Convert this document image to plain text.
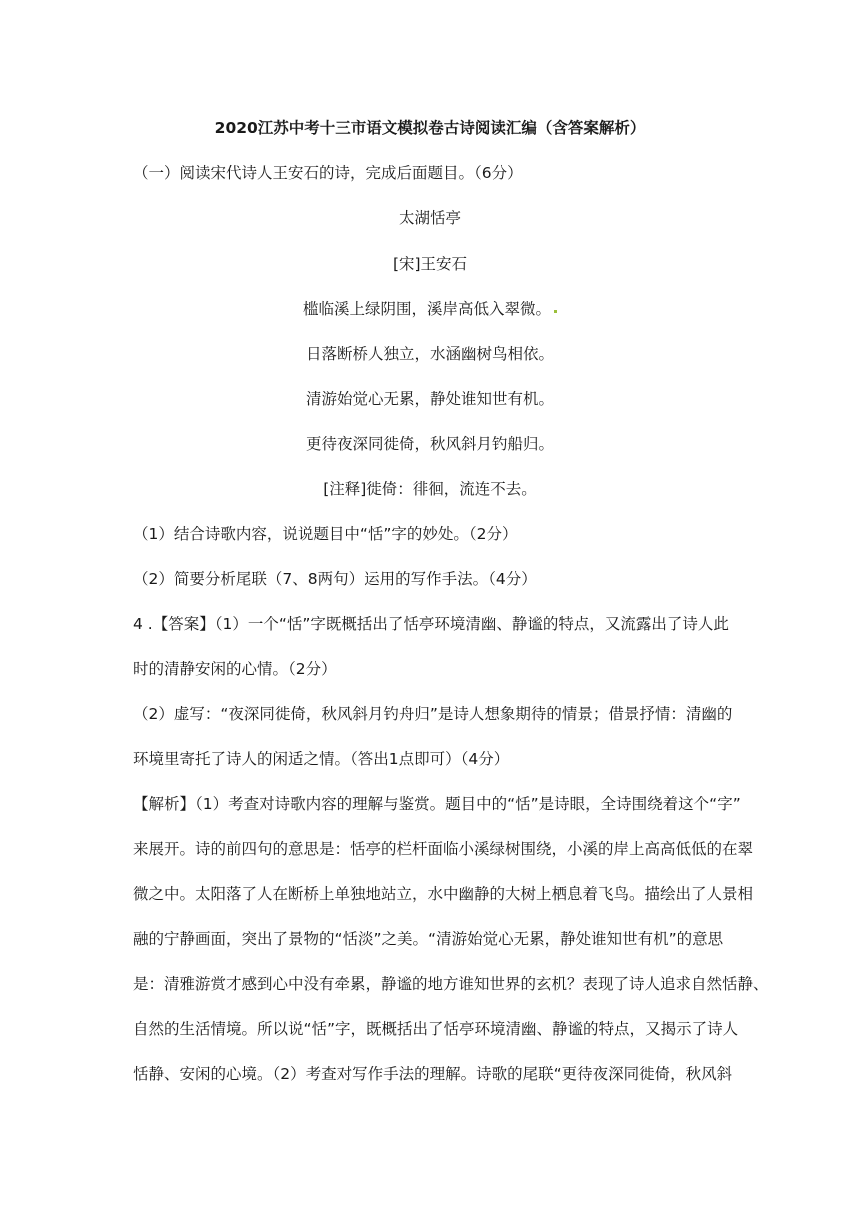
2020江苏中考十三市语文模拟卷古诗阅读汇编（含答案解析）
（一）阅读宋代诗人王安石的诗，完成后面题目。（6分）
太湖恬亭
[宋]王安石
槛临溪上绿阴围，溪岸高低入翠微。
日落断桥人独立，水涵幽树鸟相依。
清游始觉心无累，静处谁知世有机。
更待夜深同徙倚，秋风斜月钓船归。
[注释]徙倚：徘徊，流连不去。
（1）结合诗歌内容，说说题目中“恬”字的妙处。（2分）
（2）简要分析尾联（7、8两句）运用的写作手法。（4分）
4 .【答案】（1）一个“恬”字既概括出了恬亭环境清幽、静谧的特点，又流露出了诗人此
时的清静安闲的心情。（2分）
（2）虚写：“夜深同徙倚，秋风斜月钓舟归”是诗人想象期待的情景；借景抒情：清幽的
环境里寄托了诗人的闲适之情。（答出1点即可）（4分）
【解析】（1）考查对诗歌内容的理解与鉴赏。题目中的“恬”是诗眼，全诗围绕着这个“字”
来展开。诗的前四句的意思是：恬亭的栏杆面临小溪绿树围绕，小溪的岸上高高低低的在翠
微之中。太阳落了人在断桥上单独地站立，水中幽静的大树上栖息着飞鸟。描绘出了人景相
融的宁静画面，突出了景物的“恬淡”之美。“清游始觉心无累，静处谁知世有机”的意思
是：清雅游赏才感到心中没有牵累，静谧的地方谁知世界的玄机？表现了诗人追求自然恬静、
自然的生活情境。所以说“恬”字，既概括出了恬亭环境清幽、静谧的特点，又揭示了诗人
恬静、安闲的心境。（2）考查对写作手法的理解。诗歌的尾联“更待夜深同徙倚，秋风斜
